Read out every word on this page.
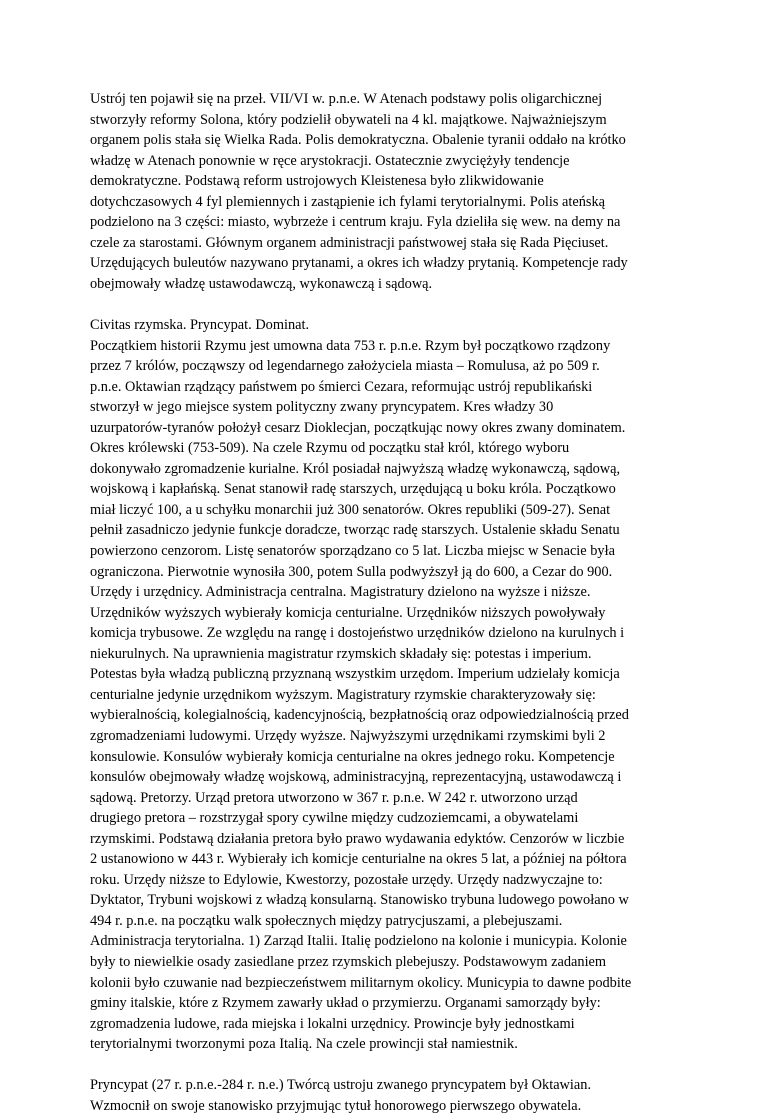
Ustrój ten pojawił się na przeł. VII/VI w. p.n.e. W Atenach podstawy polis oligarchicznej
stworzyły reformy Solona, który podzielił obywateli na 4 kl. majątkowe. Najważniejszym
organem polis stała się Wielka Rada. Polis demokratyczna. Obalenie tyranii oddało na krótko
władzę w Atenach ponownie w ręce arystokracji. Ostatecznie zwyciężyły tendencje
demokratyczne. Podstawą reform ustrojowych Kleistenesa było zlikwidowanie
dotychczasowych 4 fyl plemiennych i zastąpienie ich fylami terytorialnymi. Polis ateńską
podzielono na 3 części: miasto, wybrzeże i centrum kraju. Fyla dzieliła się wew. na demy na
czele za starostami. Głównym organem administracji państwowej stała się Rada Pięciuset.
Urzędujących buleutów nazywano prytanami, a okres ich władzy prytanią. Kompetencje rady
obejmowały władzę ustawodawczą, wykonawczą i sądową.
Civitas rzymska. Pryncypat. Dominat.
Początkiem historii Rzymu jest umowna data 753 r. p.n.e. Rzym był początkowo rządzony
przez 7 królów, począwszy od legendarnego założyciela miasta – Romulusa, aż po 509 r.
p.n.e. Oktawian rządzący państwem po śmierci Cezara, reformując ustrój republikański
stworzył w jego miejsce system polityczny zwany pryncypatem. Kres władzy 30
uzurpatorów-tyranów położył cesarz Dioklecjan, początkując nowy okres zwany dominatem.
Okres królewski (753-509). Na czele Rzymu od początku stał król, którego wyboru
dokonywało zgromadzenie kurialne. Król posiadał najwyższą władzę wykonawczą, sądową,
wojskową i kapłańską. Senat stanowił radę starszych, urzędującą u boku króla. Początkowo
miał liczyć 100, a u schyłku monarchii już 300 senatorów. Okres republiki (509-27). Senat
pełnił zasadniczo jedynie funkcje doradcze, tworząc radę starszych. Ustalenie składu Senatu
powierzono cenzorom. Listę senatorów sporządzano co 5 lat. Liczba miejsc w Senacie była
ograniczona. Pierwotnie wynosiła 300, potem Sulla podwyższył ją do 600, a Cezar do 900.
Urzędy i urzędnicy. Administracja centralna. Magistratury dzielono na wyższe i niższe.
Urzędników wyższych wybierały komicja centurialne. Urzędników niższych powoływały
komicja trybusowe. Ze względu na rangę i dostojeństwo urzędników dzielono na kurulnych i
niekurulnych. Na uprawnienia magistratur rzymskich składały się: potestas i imperium.
Potestas była władzą publiczną przyznaną wszystkim urzędom. Imperium udzielały komicja
centurialne jedynie urzędnikom wyższym. Magistratury rzymskie charakteryzowały się:
wybieralnością, kolegialnością, kadencyjnością, bezpłatnością oraz odpowiedzialnością przed
zgromadzeniami ludowymi. Urzędy wyższe. Najwyższymi urzędnikami rzymskimi byli 2
konsulowie. Konsulów wybierały komicja centurialne na okres jednego roku. Kompetencje
konsulów obejmowały władzę wojskową, administracyjną, reprezentacyjną, ustawodawczą i
sądową. Pretorzy. Urząd pretora utworzono w 367 r. p.n.e. W 242 r. utworzono urząd
drugiego pretora – rozstrzygał spory cywilne między cudzoziemcami, a obywatelami
rzymskimi. Podstawą działania pretora było prawo wydawania edyktów. Cenzorów w liczbie
2 ustanowiono w 443 r. Wybierały ich komicje centurialne na okres 5 lat, a później na półtora
roku. Urzędy niższe to Edylowie, Kwestorzy, pozostałe urzędy. Urzędy nadzwyczajne to:
Dyktator, Trybuni wojskowi z władzą konsularną. Stanowisko trybuna ludowego powołano w
494 r. p.n.e. na początku walk społecznych między patrycjuszami, a plebejuszami.
Administracja terytorialna. 1) Zarząd Italii. Italię podzielono na kolonie i municypia. Kolonie
były to niewielkie osady zasiedlane przez rzymskich plebejuszy. Podstawowym zadaniem
kolonii było czuwanie nad bezpieczeństwem militarnym okolicy. Municypia to dawne podbite
gminy italskie, które z Rzymem zawarły układ o przymierzu. Organami samorządy były:
zgromadzenia ludowe, rada miejska i lokalni urzędnicy. Prowincje były jednostkami
terytorialnymi tworzonymi poza Italią. Na czele prowincji stał namiestnik.
Pryncypat (27 r. p.n.e.-284 r. n.e.) Twórcą ustroju zwanego pryncypatem był Oktawian.
Wzmocnił on swoje stanowisko przyjmując tytuł honorowego pierwszego obywatela.
